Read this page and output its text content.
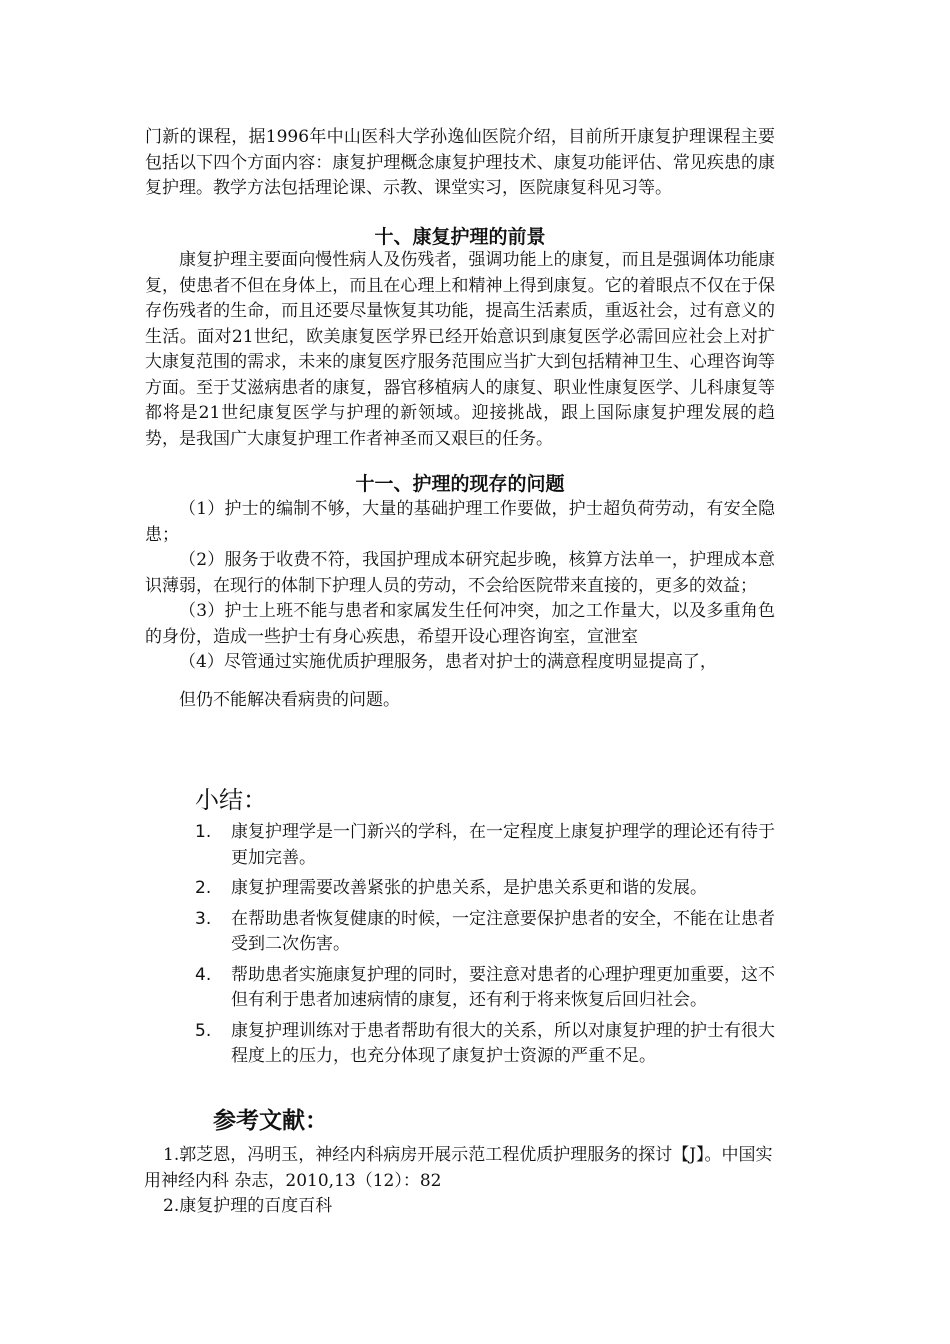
门新的课程，据1996年中山医科大学孙逸仙医院介绍，目前所开康复护理课程主要包括以下四个方面内容：康复护理概念康复护理技术、康复功能评估、常见疾患的康复护理。教学方法包括理论课、示教、课堂实习，医院康复科见习等。
十、康复护理的前景
康复护理主要面向慢性病人及伤残者，强调功能上的康复，而且是强调体功能康复，使患者不但在身体上，而且在心理上和精神上得到康复。它的着眼点不仅在于保存伤残者的生命，而且还要尽量恢复其功能，提高生活素质，重返社会，过有意义的生活。面对21世纪，欧美康复医学界已经开始意识到康复医学必需回应社会上对扩大康复范围的需求，未来的康复医疗服务范围应当扩大到包括精神卫生、心理咨询等方面。至于艾滋病患者的康复，器官移植病人的康复、职业性康复医学、儿科康复等都将是21世纪康复医学与护理的新领域。迎接挑战，跟上国际康复护理发展的趋势，是我国广大康复护理工作者神圣而又艰巨的任务。
十一、护理的现存的问题
（1）护士的编制不够，大量的基础护理工作要做，护士超负荷劳动，有安全隐患；
（2）服务于收费不符，我国护理成本研究起步晚，核算方法单一，护理成本意识薄弱，在现行的体制下护理人员的劳动，不会给医院带来直接的，更多的效益；
（3）护士上班不能与患者和家属发生任何冲突，加之工作量大，以及多重角色的身份，造成一些护士有身心疾患，希望开设心理咨询室，宣泄室
（4）尽管通过实施优质护理服务，患者对护士的满意程度明显提高了，
但仍不能解决看病贵的问题。
小结：
1. 康复护理学是一门新兴的学科，在一定程度上康复护理学的理论还有待于更加完善。
2. 康复护理需要改善紧张的护患关系，是护患关系更和谐的发展。
3. 在帮助患者恢复健康的时候，一定注意要保护患者的安全，不能在让患者受到二次伤害。
4. 帮助患者实施康复护理的同时，要注意对患者的心理护理更加重要，这不但有利于患者加速病情的康复，还有利于将来恢复后回归社会。
5. 康复护理训练对于患者帮助有很大的关系，所以对康复护理的护士有很大程度上的压力，也充分体现了康复护士资源的严重不足。
参考文献：
1.郭芝恩，冯明玉，神经内科病房开展示范工程优质护理服务的探讨【J】。中国实用神经内科 杂志，2010,13（12）：82
2.康复护理的百度百科
